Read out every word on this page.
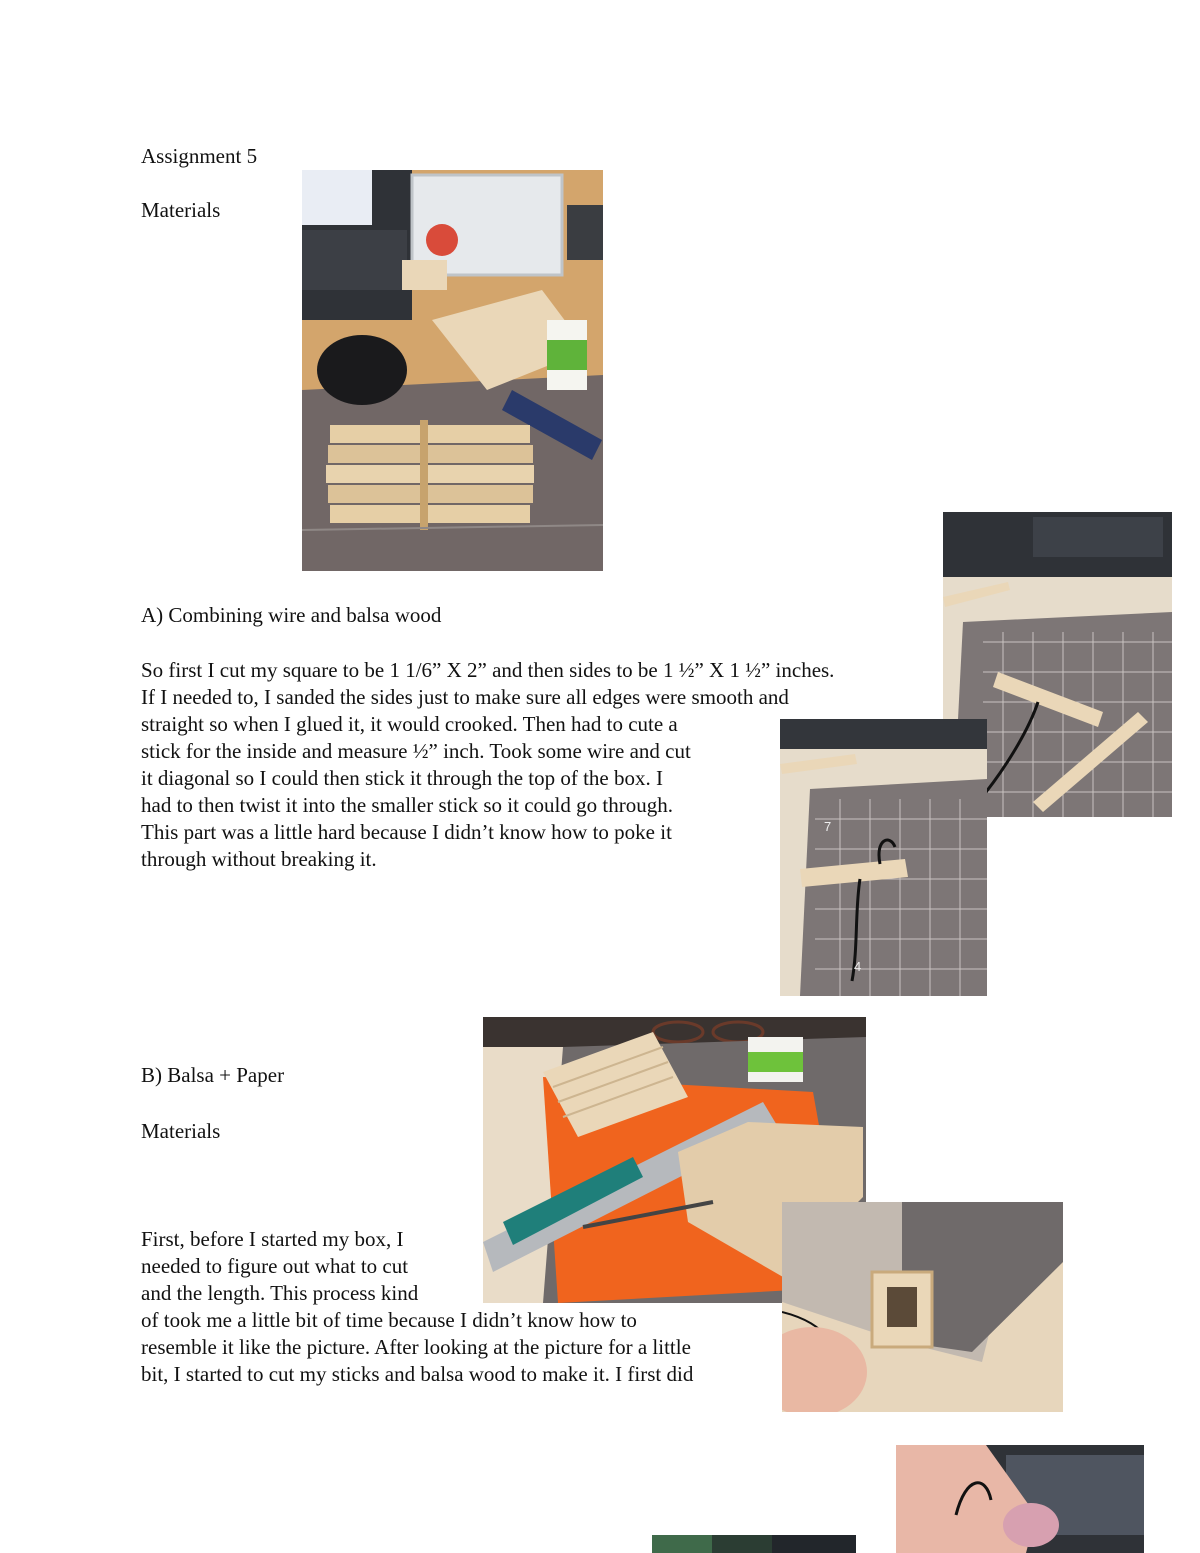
Assignment 5
Materials
A) Combining wire and balsa wood
So first I cut my square to be 1 1/6” X 2” and then sides to be 1 ½” X 1 ½” inches.
If I needed to, I sanded the sides just to make sure all edges were smooth and
straight so when I glued it, it would crooked. Then had to cute a
stick for the inside and measure ½” inch. Took some wire and cut
it diagonal so I could then stick it through the top of the box. I
had to then twist it into the smaller stick so it could go through.
This part was a little hard because I didn’t know how to poke it
through without breaking it.
7
4
B) Balsa + Paper
Materials
First, before I started my box, I
needed to figure out what to cut
and the length. This process kind
of took me a little bit of time because I didn’t know how to
resemble it like the picture. After looking at the picture for a little
bit, I started to cut my sticks and balsa wood to make it. I first did
